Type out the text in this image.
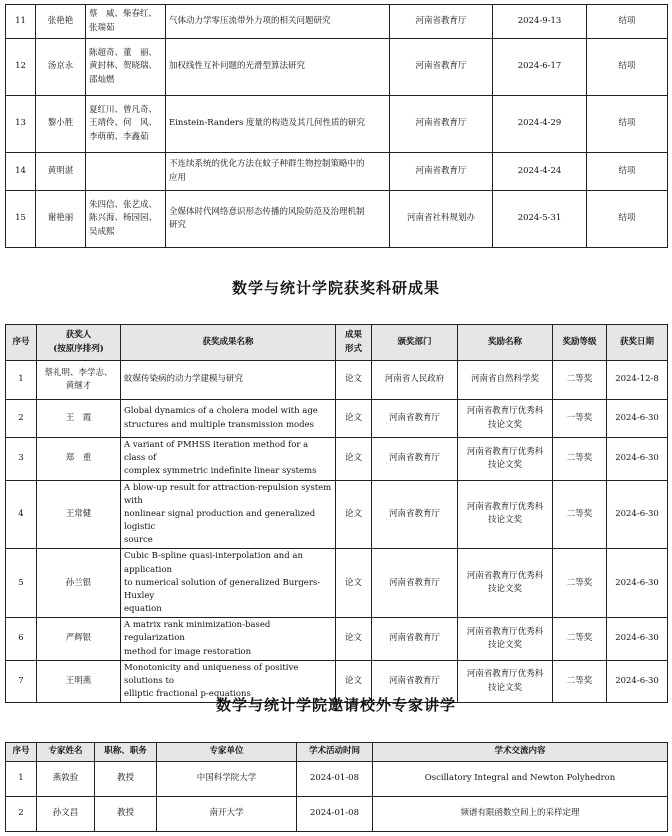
11	张艳艳	蔡　威、柴春红、
张瑞茹	气体动力学零压流带外力项的相关问题研究	河南省教育厅	2024-9-13	结项
12	汤京永	陈超奇、董　丽、
黄封林、贺晓瑞、
邵灿燃	加权线性互补问题的光滑型算法研究	河南省教育厅	2024-6-17	结项
13	黎小胜	夏红川、曾凡奇、
王靖伶、何　风、
李萌萌、李鑫茹	Einstein-Randers 度量的构造及其几何性质的研究	河南省教育厅	2024-4-29	结项
14	黄明湛		不连续系统的优化方法在蚊子种群生物控制策略中的
应用	河南省教育厅	2024-4-24	结项
15	谢艳丽	朱四信、张艺成、
陈兴海、杨园园、
吴成熙	全媒体时代网络意识形态传播的风险防范及治理机制
研究	河南省社科规划办	2024-5-31	结项
数学与统计学院获奖科研成果
序号	获奖人
(按原序排列)	获奖成果名称	成果
形式	颁奖部门	奖励名称	奖励等级	获奖日期
1	蔡礼明、李学志、
黄继才	蚊媒传染病的动力学建模与研究	论文	河南省人民政府	河南省自然科学奖	二等奖	2024-12-8
2	王　霞	Global dynamics of a cholera model with age
structures and multiple transmission modes	论文	河南省教育厅	河南省教育厅优秀科
技论文奖	一等奖	2024-6-30
3	郑　重	A variant of PMHSS iteration method for a class of
complex symmetric indefinite linear systems	论文	河南省教育厅	河南省教育厅优秀科
技论文奖	二等奖	2024-6-30
4	王常健	A blow-up result for attraction-repulsion system with
nonlinear signal production and generalized logistic
source	论文	河南省教育厅	河南省教育厅优秀科
技论文奖	二等奖	2024-6-30
5	孙兰银	Cubic B-spline quasi-interpolation and an application
to numerical solution of generalized Burgers-Huxley
equation	论文	河南省教育厅	河南省教育厅优秀科
技论文奖	二等奖	2024-6-30
6	严辉银	A matrix rank minimization-based regularization
method for image restoration	论文	河南省教育厅	河南省教育厅优秀科
技论文奖	二等奖	2024-6-30
7	王明燕	Monotonicity and uniqueness of positive solutions to
elliptic fractional p-equations	论文	河南省教育厅	河南省教育厅优秀科
技论文奖	二等奖	2024-6-30
数学与统计学院邀请校外专家讲学
序号	专家姓名	职称、职务	专家单位	学术活动时间	学术交流内容
1	燕敦验	教授	中国科学院大学	2024-01-08	Oscillatory Integral and Newton Polyhedron
2	孙文昌	教授	南开大学	2024-01-08	频谱有限函数空间上的采样定理
